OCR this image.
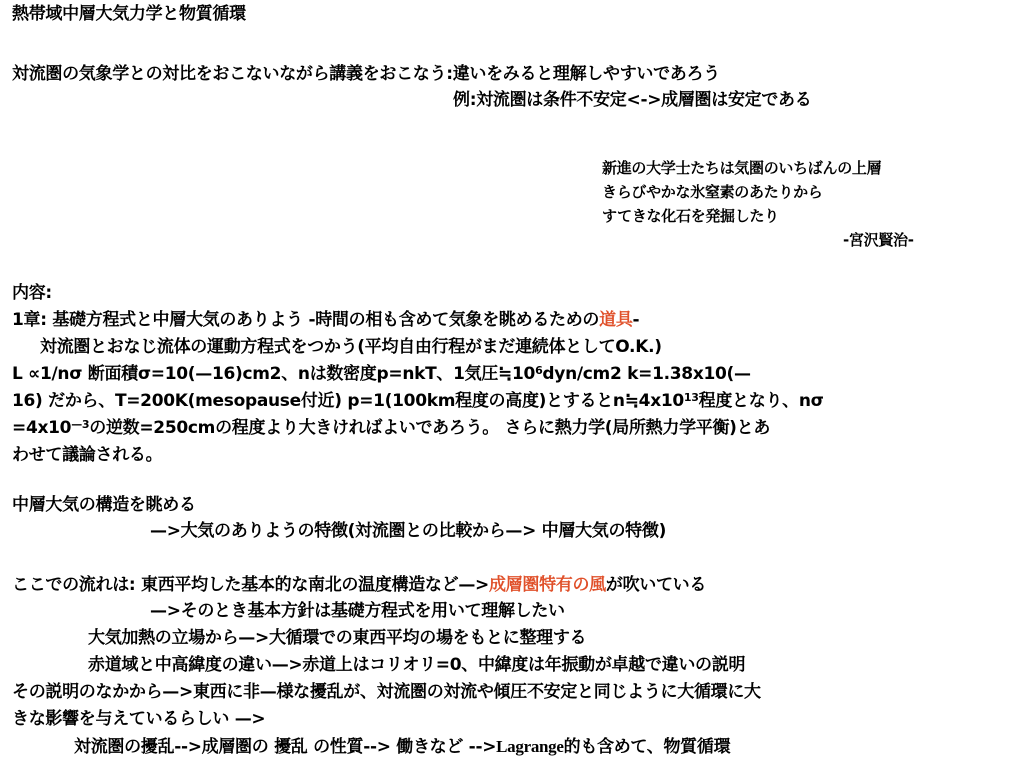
熱帯域中層大気力学と物質循環
対流圏の気象学との対比をおこないながら講義をおこなう:違いをみると理解しやすいであろう
例:対流圏は条件不安定<->成層圏は安定である
新進の大学士たちは気圏のいちばんの上層
きらびやかな氷窒素のあたりから
すてきな化石を発掘したり
-宮沢賢治-
内容:
1章: 基礎方程式と中層大気のありよう -時間の相も含めて気象を眺めるための道具-
対流圏とおなじ流体の運動方程式をつかう(平均自由行程がまだ連続体としてO.K.)
L ∝1/nσ 断面積σ=10(—16)cm2、nは数密度p=nkT、1気圧$≒10^6dyn/cm2$ k=1.38x10(—
16) だから、T=200K(mesopause付近) p=1(100km程度の高度)とすると$n≒4x10^{13}$程度となり、nσ
$=4x10^{—3}$の逆数=250cmの程度より大きければよいであろう。 さらに熱力学(局所熱力学平衡)とあ
わせて議論される。
中層大気の構造を眺める
—>大気のありようの特徴(対流圏との比較から—> 中層大気の特徴)
ここでの流れは: 東西平均した基本的な南北の温度構造など—>成層圏特有の風が吹いている
—>そのとき基本方針は基礎方程式を用いて理解したい
大気加熱の立場から—>大循環での東西平均の場をもとに整理する
赤道域と中高緯度の違い—>赤道上はコリオリ=0、中緯度は年振動が卓越で違いの説明
その説明のなかから—>東西に非—様な擾乱が、対流圏の対流や傾圧不安定と同じように大循環に大
きな影響を与えているらしい —>
対流圏の擾乱-->成層圏の 擾乱 の性質--> 働きなど -->Lagrange的も含めて、物質循環
